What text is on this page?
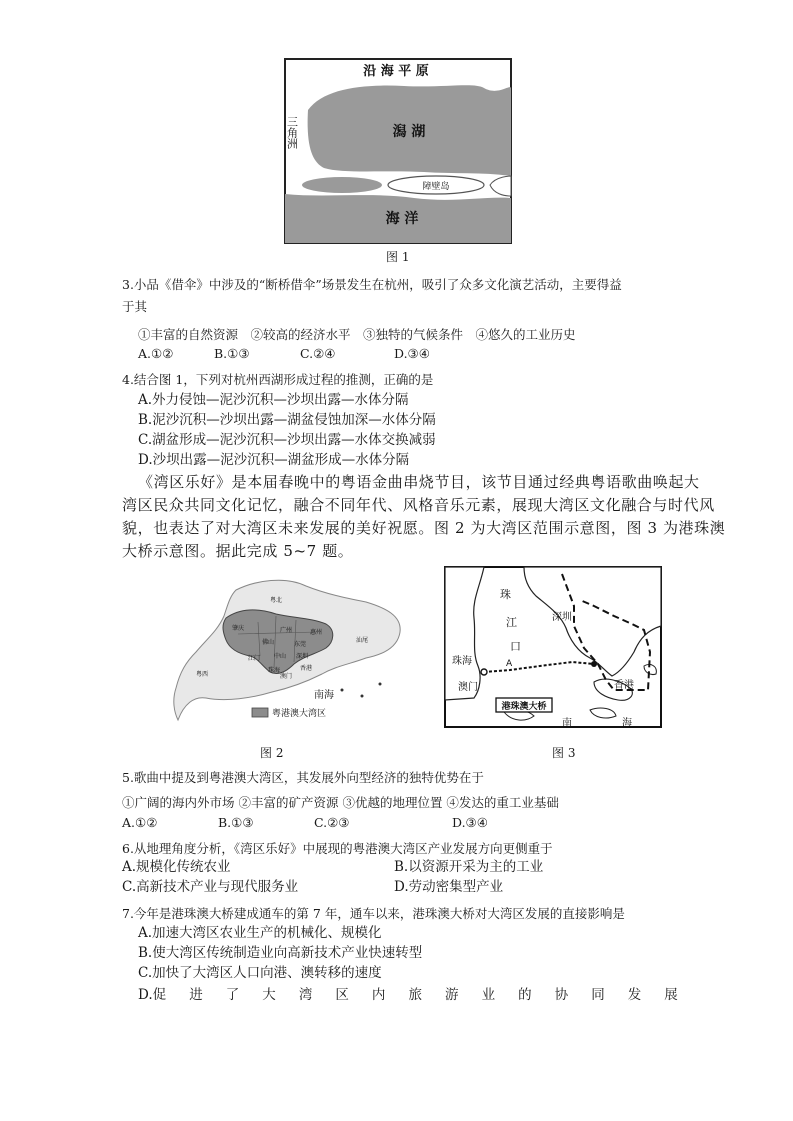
沿 海 平 原
三角洲	潟 湖
障壁岛
海 洋
图 1
3.小品《借伞》中涉及的“断桥借伞”场景发生在杭州，吸引了众多文化演艺活动，主要得益
于其
①丰富的自然资源　②较高的经济水平　③独特的气候条件　④悠久的工业历史
A.①②	B.①③	C.②④	D.③④
4.结合图 1，下列对杭州西湖形成过程的推测，正确的是
A.外力侵蚀—泥沙沉积—沙坝出露—水体分隔
B.泥沙沉积—沙坝出露—湖盆侵蚀加深—水体分隔
C.湖盆形成—泥沙沉积—沙坝出露—水体交换减弱
D.沙坝出露—泥沙沉积—湖盆形成—水体分隔
《湾区乐好》是本届春晚中的粤语金曲串烧节目，该节目通过经典粤语歌曲唤起大
湾区民众共同文化记忆，融合不同年代、风格音乐元素，展现大湾区文化融合与时代风
貌，也表达了对大湾区未来发展的美好祝愿。图 2 为大湾区范围示意图，图 3 为港珠澳
大桥示意图。据此完成 5~7 题。
粤北
肇庆	广州	惠州
佛山	东莞
江门 中山 深圳
粤西
汕尾
珠海	香港
澳门
南海
粤港澳大湾区
图 2
珠
江
口
深圳
珠海
澳门	香港
A
港珠澳大桥
南	海
图 3
5.歌曲中提及到粤港澳大湾区，其发展外向型经济的独特优势在于
①广阔的海内外市场 ②丰富的矿产资源 ③优越的地理位置 ④发达的重工业基础
A.①②	B.①③	C.②③	D.③④
6.从地理角度分析，《湾区乐好》中展现的粤港澳大湾区产业发展方向更侧重于
A.规模化传统农业	B.以资源开采为主的工业
C.高新技术产业与现代服务业	D.劳动密集型产业
7.今年是港珠澳大桥建成通车的第 7 年，通车以来，港珠澳大桥对大湾区发展的直接影响是
A.加速大湾区农业生产的机械化、规模化
B.使大湾区传统制造业向高新技术产业快速转型
C.加快了大湾区人口向港、澳转移的速度
D.促 进 了 大 湾 区 内 旅 游 业 的 协 同 发 展
